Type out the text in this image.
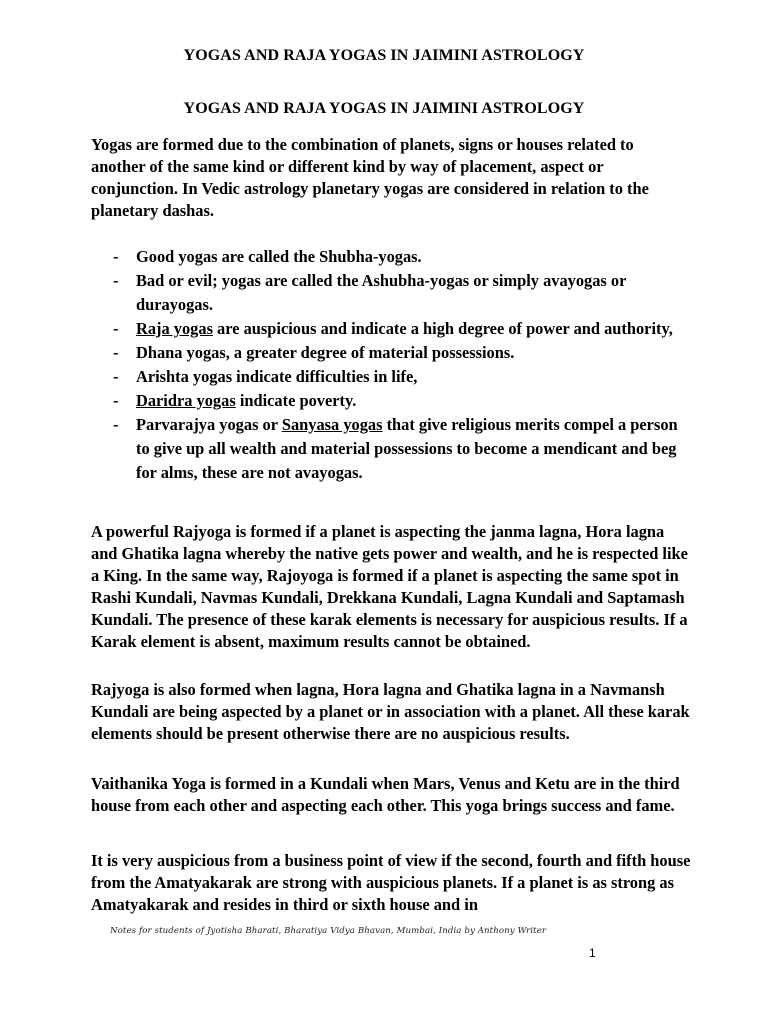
YOGAS AND RAJA YOGAS IN JAIMINI ASTROLOGY
YOGAS AND RAJA YOGAS IN JAIMINI ASTROLOGY

Yogas are formed due to the combination of planets, signs or houses related to another of the same kind or different kind by way of placement, aspect or conjunction. In Vedic astrology planetary yogas are considered in relation to the planetary dashas.

- Good yogas are called the Shubha-yogas.
- Bad or evil; yogas are called the Ashubha-yogas or simply avayogas or durayogas.
- Raja yogas are auspicious and indicate a high degree of power and authority,
- Dhana yogas, a greater degree of material possessions.
- Arishta yogas indicate difficulties in life,
- Daridra yogas indicate poverty.
- Parvarajya yogas or Sanyasa yogas that give religious merits compel a person to give up all wealth and material possessions to become a mendicant and beg for alms, these are not avayogas.

A powerful Rajyoga is formed if a planet is aspecting the janma lagna, Hora lagna and Ghatika lagna whereby the native gets power and wealth, and he is respected like a King. In the same way, Rajoyoga is formed if a planet is aspecting the same spot in Rashi Kundali, Navmas Kundali, Drekkana Kundali, Lagna Kundali and Saptamash Kundali. The presence of these karak elements is necessary for auspicious results. If a Karak element is absent, maximum results cannot be obtained.

Rajyoga is also formed when lagna, Hora lagna and Ghatika lagna in a Navmansh Kundali are being aspected by a planet or in association with a planet. All these karak elements should be present otherwise there are no auspicious results.

Vaithanika Yoga is formed in a Kundali when Mars, Venus and Ketu are in the third house from each other and aspecting each other. This yoga brings success and fame.

It is very auspicious from a business point of view if the second, fourth and fifth house from the Amatyakarak are strong with auspicious planets. If a planet is as strong as Amatyakarak and resides in third or sixth house and in

Notes for students of Jyotisha Bharati, Bharatiya Vidya Bhavan, Mumbai, India by Anthony Writer
1
